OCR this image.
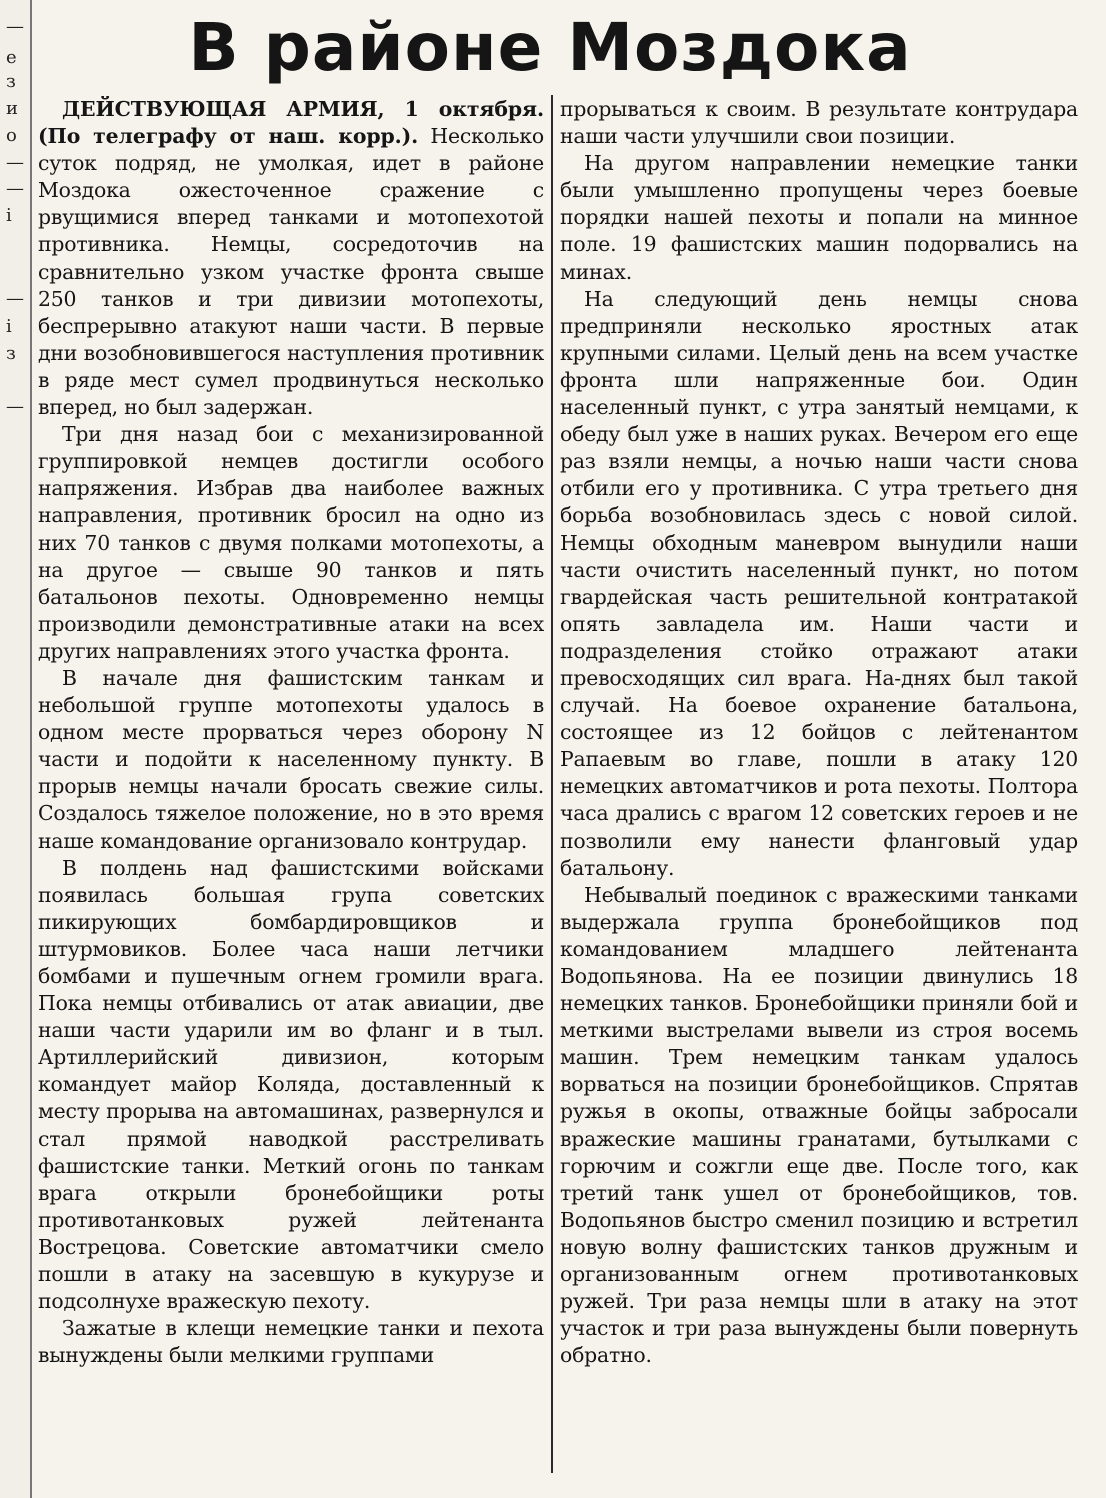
—
е
з
и
о
—
—
і
—
і
з
—
В районе Моздока

ДЕЙСТВУЮЩАЯ АРМИЯ, 1 октября. (По телеграфу от наш. корр.). Несколько суток подряд, не умолкая, идет в районе Моздока ожесточенное сражение с рвущимися вперед танками и мотопехотой противника. Немцы, сосредоточив на сравнительно узком участке фронта свыше 250 танков и три дивизии мотопехоты, беспрерывно атакуют наши части. В первые дни возобновившегося наступления противник в ряде мест сумел продвинуться несколько вперед, но был задержан.

Три дня назад бои с механизированной группировкой немцев достигли особого напряжения. Избрав два наиболее важных направления, противник бросил на одно из них 70 танков с двумя полками мотопехоты, а на другое — свыше 90 танков и пять батальонов пехоты. Одновременно немцы производили демонстративные атаки на всех других направлениях этого участка фронта.

В начале дня фашистским танкам и небольшой группе мотопехоты удалось в одном месте прорваться через оборону N части и подойти к населенному пункту. В прорыв немцы начали бросать свежие силы. Создалось тяжелое положение, но в это время наше командование организовало контрудар.

В полдень над фашистскими войсками появилась большая група советских пикирующих бомбардировщиков и штурмовиков. Более часа наши летчики бомбами и пушечным огнем громили врага. Пока немцы отбивались от атак авиации, две наши части ударили им во фланг и в тыл. Артиллерийский дивизион, которым командует майор Коляда, доставленный к месту прорыва на автомашинах, развернулся и стал прямой наводкой расстреливать фашистские танки. Меткий огонь по танкам врага открыли бронебойщики роты противотанковых ружей лейтенанта Вострецова. Советские автоматчики смело пошли в атаку на засевшую в кукурузе и подсолнухе вражескую пехоту.

Зажатые в клещи немецкие танки и пехота вынуждены были мелкими группами

прорываться к своим. В результате контрудара наши части улучшили свои позиции.

На другом направлении немецкие танки были умышленно пропущены через боевые порядки нашей пехоты и попали на минное поле. 19 фашистских машин подорвались на минах.

На следующий день немцы снова предприняли несколько яростных атак крупными силами. Целый день на всем участке фронта шли напряженные бои. Один населенный пункт, с утра занятый немцами, к обеду был уже в наших руках. Вечером его еще раз взяли немцы, а ночью наши части снова отбили его у противника. С утра третьего дня борьба возобновилась здесь с новой силой. Немцы обходным маневром вынудили наши части очистить населенный пункт, но потом гвардейская часть решительной контратакой опять завладела им. Наши части и подразделения стойко отражают атаки превосходящих сил врага. На-днях был такой случай. На боевое охранение батальона, состоящее из 12 бойцов с лейтенантом Рапаевым во главе, пошли в атаку 120 немецких автоматчиков и рота пехоты. Полтора часа дрались с врагом 12 советских героев и не позволили ему нанести фланговый удар батальону.

Небывалый поединок с вражескими танками выдержала группа бронебойщиков под командованием младшего лейтенанта Водопьянова. На ее позиции двинулись 18 немецких танков. Бронебойщики приняли бой и меткими выстрелами вывели из строя восемь машин. Трем немецким танкам удалось ворваться на позиции бронебойщиков. Спрятав ружья в окопы, отважные бойцы забросали вражеские машины гранатами, бутылками с горючим и сожгли еще две. После того, как третий танк ушел от бронебойщиков, тов. Водопьянов быстро сменил позицию и встретил новую волну фашистских танков дружным и организованным огнем противотанковых ружей. Три раза немцы шли в атаку на этот участок и три раза вынуждены были повернуть обратно.
